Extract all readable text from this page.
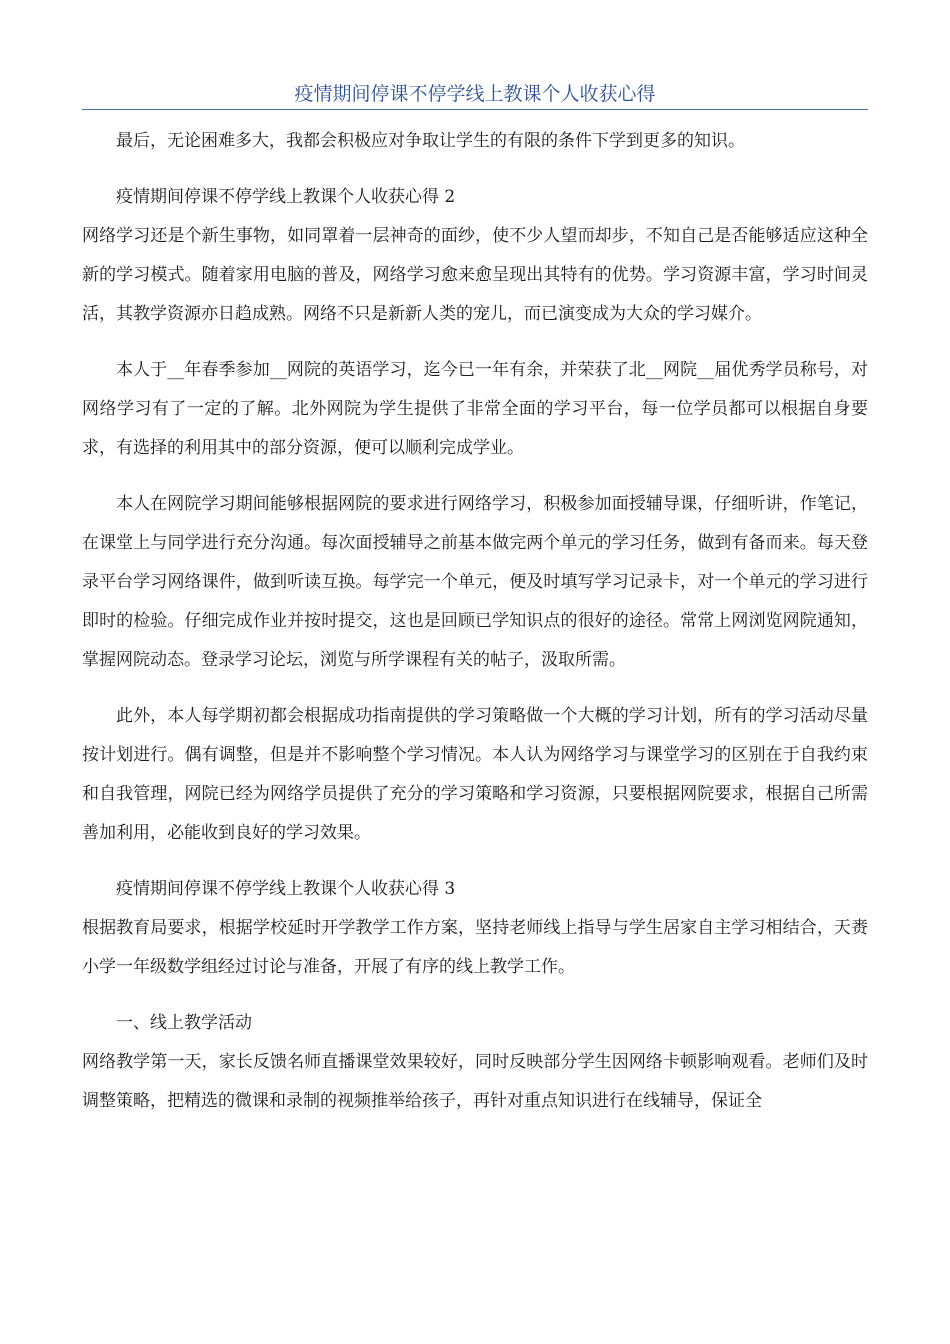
疫情期间停课不停学线上教课个人收获心得

最后，无论困难多大，我都会积极应对争取让学生的有限的条件下学到更多的知识。

疫情期间停课不停学线上教课个人收获心得 2

网络学习还是个新生事物，如同罩着一层神奇的面纱，使不少人望而却步，不知自己是否能够适应这种全新的学习模式。随着家用电脑的普及，网络学习愈来愈呈现出其特有的优势。学习资源丰富，学习时间灵活，其教学资源亦日趋成熟。网络不只是新新人类的宠儿，而已演变成为大众的学习媒介。

本人于__年春季参加__网院的英语学习，迄今已一年有余，并荣获了北__网院__届优秀学员称号，对网络学习有了一定的了解。北外网院为学生提供了非常全面的学习平台，每一位学员都可以根据自身要求，有选择的利用其中的部分资源，便可以顺利完成学业。

本人在网院学习期间能够根据网院的要求进行网络学习，积极参加面授辅导课，仔细听讲，作笔记，在课堂上与同学进行充分沟通。每次面授辅导之前基本做完两个单元的学习任务，做到有备而来。每天登录平台学习网络课件，做到听读互换。每学完一个单元，便及时填写学习记录卡，对一个单元的学习进行即时的检验。仔细完成作业并按时提交，这也是回顾已学知识点的很好的途径。常常上网浏览网院通知，掌握网院动态。登录学习论坛，浏览与所学课程有关的帖子，汲取所需。

此外，本人每学期初都会根据成功指南提供的学习策略做一个大概的学习计划，所有的学习活动尽量按计划进行。偶有调整，但是并不影响整个学习情况。本人认为网络学习与课堂学习的区别在于自我约束和自我管理，网院已经为网络学员提供了充分的学习策略和学习资源，只要根据网院要求，根据自己所需善加利用，必能收到良好的学习效果。

疫情期间停课不停学线上教课个人收获心得 3

根据教育局要求，根据学校延时开学教学工作方案，坚持老师线上指导与学生居家自主学习相结合，天赉小学一年级数学组经过讨论与准备，开展了有序的线上教学工作。

一、线上教学活动

网络教学第一天，家长反馈名师直播课堂效果较好，同时反映部分学生因网络卡顿影响观看。老师们及时调整策略，把精选的微课和录制的视频推举给孩子，再针对重点知识进行在线辅导，保证全
